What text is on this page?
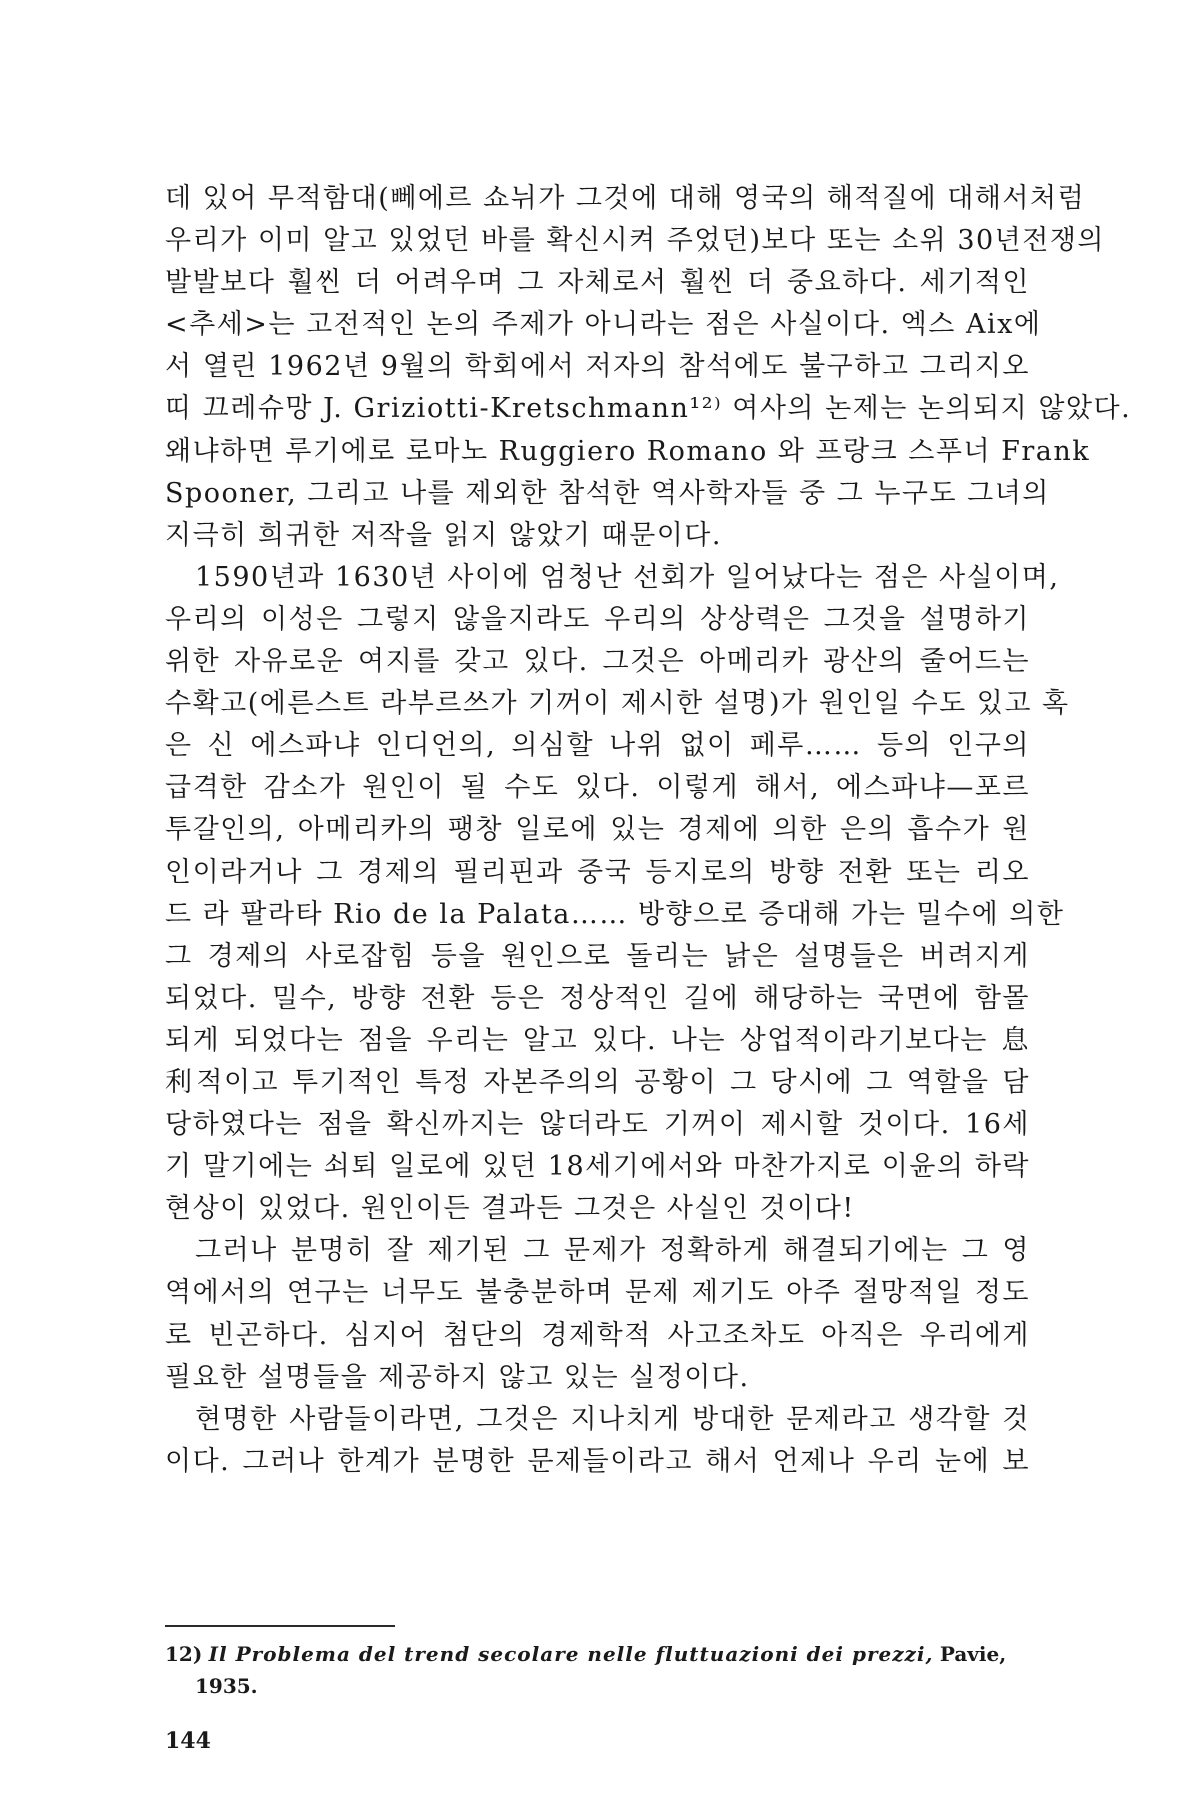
데 있어 무적함대(뻬에르 쇼뉘가 그것에 대해 영국의 해적질에 대해서처럼
우리가 이미 알고 있었던 바를 확신시켜 주었던)보다 또는 소위 30년전쟁의
발발보다 훨씬 더 어려우며 그 자체로서 훨씬 더 중요하다. 세기적인
<추세>는 고전적인 논의 주제가 아니라는 점은 사실이다. 엑스 Aix에
서 열린 1962년 9월의 학회에서 저자의 참석에도 불구하고 그리지오
띠 끄레슈망 J. Griziotti-Kretschmann¹²⁾ 여사의 논제는 논의되지 않았다.
왜냐하면 루기에로 로마노 Ruggiero Romano 와 프랑크 스푸너 Frank
Spooner, 그리고 나를 제외한 참석한 역사학자들 중 그 누구도 그녀의
지극히 희귀한 저작을 읽지 않았기 때문이다.
1590년과 1630년 사이에 엄청난 선회가 일어났다는 점은 사실이며,
우리의 이성은 그렇지 않을지라도 우리의 상상력은 그것을 설명하기
위한 자유로운 여지를 갖고 있다. 그것은 아메리카 광산의 줄어드는
수확고(에른스트 라부르쓰가 기꺼이 제시한 설명)가 원인일 수도 있고 혹
은 신 에스파냐 인디언의, 의심할 나위 없이 페루…… 등의 인구의
급격한 감소가 원인이 될 수도 있다. 이렇게 해서, 에스파냐—포르
투갈인의, 아메리카의 팽창 일로에 있는 경제에 의한 은의 흡수가 원
인이라거나 그 경제의 필리핀과 중국 등지로의 방향 전환 또는 리오
드 라 팔라타 Rio de la Palata…… 방향으로 증대해 가는 밀수에 의한
그 경제의 사로잡힘 등을 원인으로 돌리는 낡은 설명들은 버려지게
되었다. 밀수, 방향 전환 등은 정상적인 길에 해당하는 국면에 함몰
되게 되었다는 점을 우리는 알고 있다. 나는 상업적이라기보다는 息
利적이고 투기적인 특정 자본주의의 공황이 그 당시에 그 역할을 담
당하였다는 점을 확신까지는 않더라도 기꺼이 제시할 것이다. 16세
기 말기에는 쇠퇴 일로에 있던 18세기에서와 마찬가지로 이윤의 하락
현상이 있었다. 원인이든 결과든 그것은 사실인 것이다!
그러나 분명히 잘 제기된 그 문제가 정확하게 해결되기에는 그 영
역에서의 연구는 너무도 불충분하며 문제 제기도 아주 절망적일 정도
로 빈곤하다. 심지어 첨단의 경제학적 사고조차도 아직은 우리에게
필요한 설명들을 제공하지 않고 있는 실정이다.
현명한 사람들이라면, 그것은 지나치게 방대한 문제라고 생각할 것
이다. 그러나 한계가 분명한 문제들이라고 해서 언제나 우리 눈에 보
12) Il Problema del trend secolare nelle fluttuazioni dei prezzi, Pavie,
1935.
144
